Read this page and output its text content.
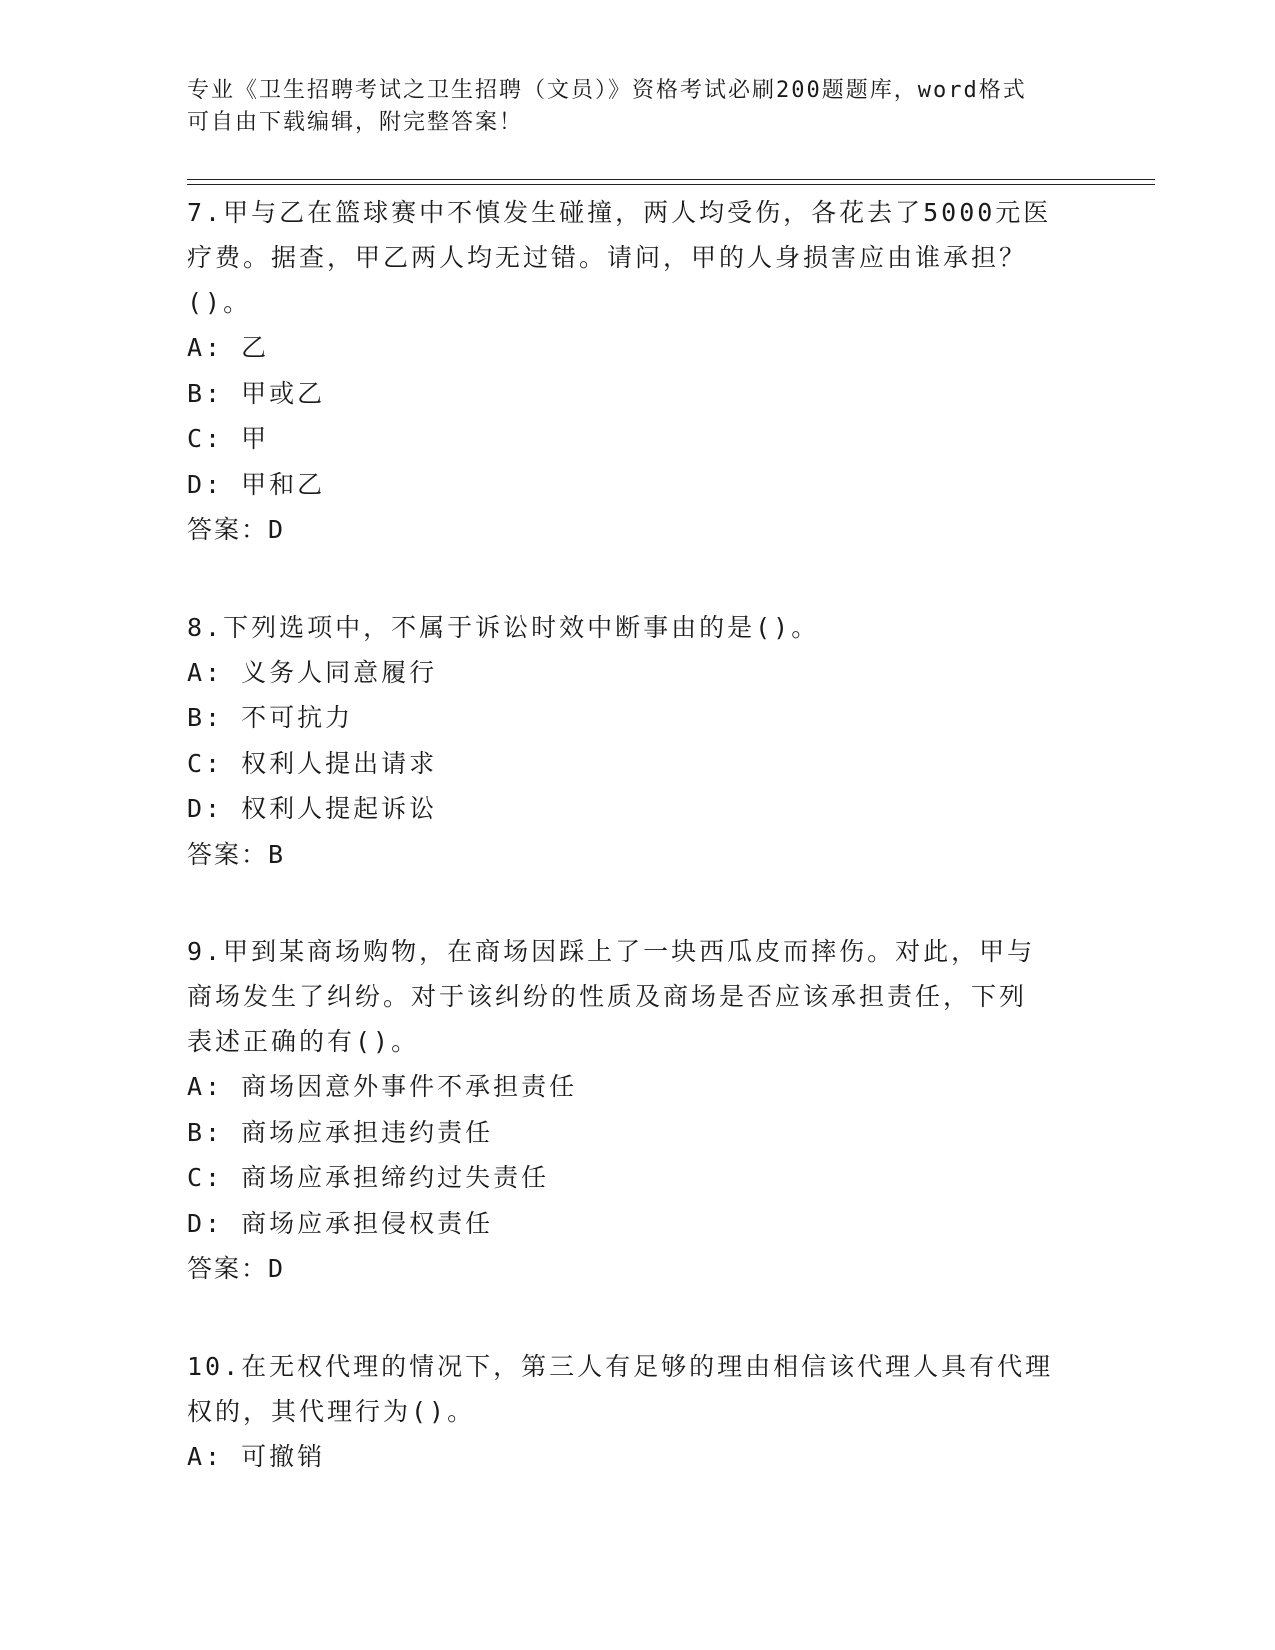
专业《卫生招聘考试之卫生招聘（文员）》资格考试必刷200题题库，word格式
可自由下载编辑，附完整答案！
7.甲与乙在篮球赛中不慎发生碰撞，两人均受伤，各花去了5000元医
疗费。据查，甲乙两人均无过错。请问，甲的人身损害应由谁承担？
()。
A: 乙
B: 甲或乙
C: 甲
D: 甲和乙
答案：D
8.下列选项中，不属于诉讼时效中断事由的是()。
A: 义务人同意履行
B: 不可抗力
C: 权利人提出请求
D: 权利人提起诉讼
答案：B
9.甲到某商场购物，在商场因踩上了一块西瓜皮而摔伤。对此，甲与
商场发生了纠纷。对于该纠纷的性质及商场是否应该承担责任，下列
表述正确的有()。
A: 商场因意外事件不承担责任
B: 商场应承担违约责任
C: 商场应承担缔约过失责任
D: 商场应承担侵权责任
答案：D
10.在无权代理的情况下，第三人有足够的理由相信该代理人具有代理
权的，其代理行为()。
A: 可撤销
